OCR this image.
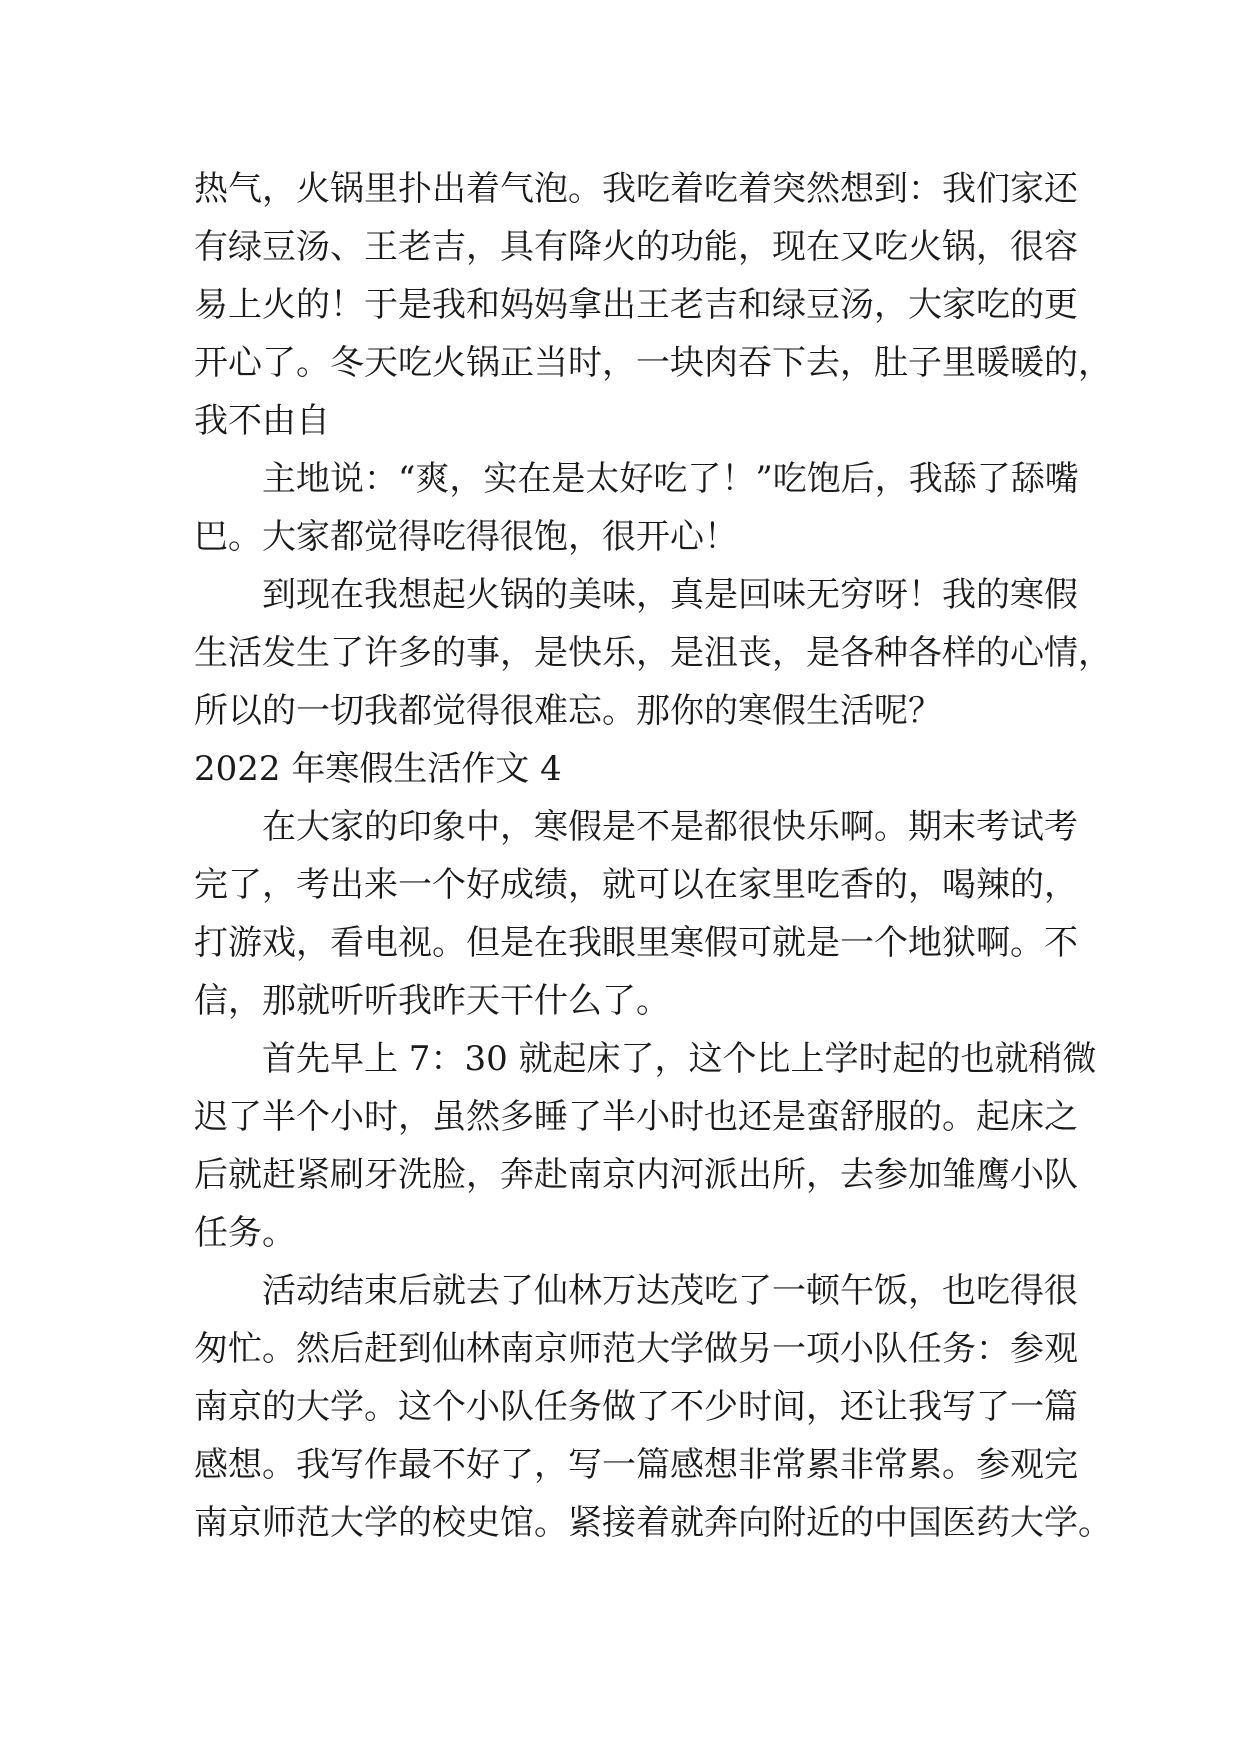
热气，火锅里扑出着气泡。我吃着吃着突然想到：我们家还
有绿豆汤、王老吉，具有降火的功能，现在又吃火锅，很容
易上火的！于是我和妈妈拿出王老吉和绿豆汤，大家吃的更
开心了。冬天吃火锅正当时，一块肉吞下去，肚子里暖暖的，
我不由自
主地说：“爽，实在是太好吃了！”吃饱后，我舔了舔嘴
巴。大家都觉得吃得很饱，很开心！
到现在我想起火锅的美味，真是回味无穷呀！我的寒假
生活发生了许多的事，是快乐，是沮丧，是各种各样的心情，
所以的一切我都觉得很难忘。那你的寒假生活呢？
2022 年寒假生活作文 4
在大家的印象中，寒假是不是都很快乐啊。期末考试考
完了，考出来一个好成绩，就可以在家里吃香的，喝辣的，
打游戏，看电视。但是在我眼里寒假可就是一个地狱啊。不
信，那就听听我昨天干什么了。
首先早上 7：30 就起床了，这个比上学时起的也就稍微
迟了半个小时，虽然多睡了半小时也还是蛮舒服的。起床之
后就赶紧刷牙洗脸，奔赴南京内河派出所，去参加雏鹰小队
任务。
活动结束后就去了仙林万达茂吃了一顿午饭，也吃得很
匆忙。然后赶到仙林南京师范大学做另一项小队任务：参观
南京的大学。这个小队任务做了不少时间，还让我写了一篇
感想。我写作最不好了，写一篇感想非常累非常累。参观完
南京师范大学的校史馆。紧接着就奔向附近的中国医药大学。
